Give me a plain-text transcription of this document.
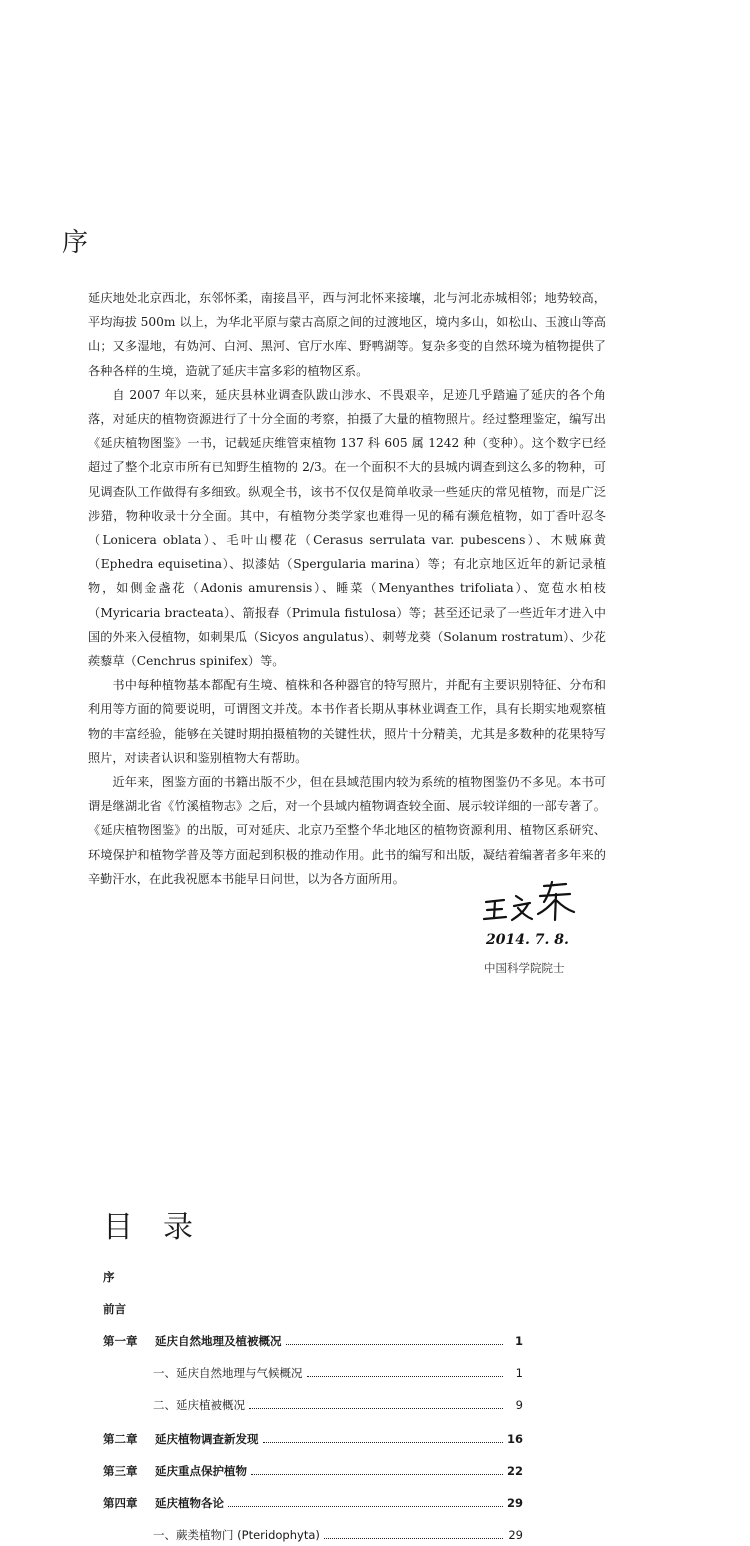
序

延庆地处北京西北，东邻怀柔，南接昌平，西与河北怀来接壤，北与河北赤城相邻；地势较高，平均海拔 500m 以上，为华北平原与蒙古高原之间的过渡地区，境内多山，如松山、玉渡山等高山；又多湿地，有妫河、白河、黑河、官厅水库、野鸭湖等。复杂多变的自然环境为植物提供了各种各样的生境，造就了延庆丰富多彩的植物区系。

自 2007 年以来，延庆县林业调查队跋山涉水、不畏艰辛，足迹几乎踏遍了延庆的各个角落，对延庆的植物资源进行了十分全面的考察，拍摄了大量的植物照片。经过整理鉴定，编写出《延庆植物图鉴》一书，记载延庆维管束植物 137 科 605 属 1242 种（变种）。这个数字已经超过了整个北京市所有已知野生植物的 2/3。在一个面积不大的县城内调查到这么多的物种，可见调查队工作做得有多细致。纵观全书，该书不仅仅是简单收录一些延庆的常见植物，而是广泛涉猎，物种收录十分全面。其中，有植物分类学家也难得一见的稀有濒危植物，如丁香叶忍冬（Lonicera oblata）、毛叶山樱花（Cerasus serrulata var. pubescens）、木贼麻黄（Ephedra equisetina）、拟漆姑（Spergularia marina）等；有北京地区近年的新记录植物，如侧金盏花（Adonis amurensis）、睡菜（Menyanthes trifoliata）、宽苞水柏枝（Myricaria bracteata）、箭报春（Primula fistulosa）等；甚至还记录了一些近年才进入中国的外来入侵植物，如刺果瓜（Sicyos angulatus）、刺萼龙葵（Solanum rostratum）、少花蒺藜草（Cenchrus spinifex）等。

书中每种植物基本都配有生境、植株和各种器官的特写照片，并配有主要识别特征、分布和利用等方面的简要说明，可谓图文并茂。本书作者长期从事林业调查工作，具有长期实地观察植物的丰富经验，能够在关键时期拍摄植物的关键性状，照片十分精美，尤其是多数种的花果特写照片，对读者认识和鉴别植物大有帮助。

近年来，图鉴方面的书籍出版不少，但在县域范围内较为系统的植物图鉴仍不多见。本书可谓是继湖北省《竹溪植物志》之后，对一个县域内植物调查较全面、展示较详细的一部专著了。《延庆植物图鉴》的出版，可对延庆、北京乃至整个华北地区的植物资源利用、植物区系研究、环境保护和植物学普及等方面起到积极的推动作用。此书的编写和出版，凝结着编著者多年来的辛勤汗水，在此我祝愿本书能早日问世，以为各方面所用。

2014. 7. 8.
中国科学院院士
目录
序
前言
第一章	延庆自然地理及植被概况	1
一、延庆自然地理与气候概况	1
二、延庆植被概况	9
第二章	延庆植物调查新发现	16
第三章	延庆重点保护植物	22
第四章	延庆植物各论	29
一、蕨类植物门 (Pteridophyta)	29
